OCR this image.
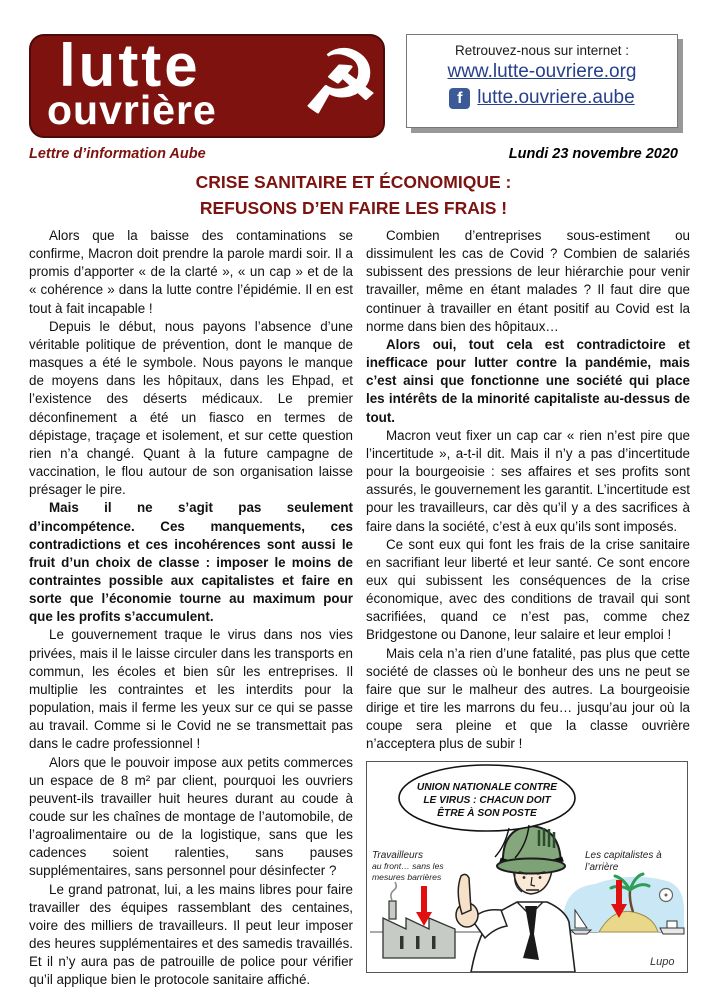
lutte
ouvrière ☭	Retrouvez-nous sur internet :
www.lutte-ouvriere.org
f lutte.ouvriere.aube
Lettre d’information Aube	Lundi 23 novembre 2020
CRISE SANITAIRE ET ÉCONOMIQUE :
REFUSONS D’EN FAIRE LES FRAIS !

Alors que la baisse des contaminations se confirme, Macron doit prendre la parole mardi soir. Il a promis d’apporter « de la clarté », « un cap » et de la « cohérence » dans la lutte contre l’épidémie. Il en est tout à fait incapable !

Depuis le début, nous payons l’absence d’une véritable politique de prévention, dont le manque de masques a été le symbole. Nous payons le manque de moyens dans les hôpitaux, dans les Ehpad, et l’existence des déserts médicaux. Le premier déconfinement a été un fiasco en termes de dépistage, traçage et isolement, et sur cette question rien n’a changé. Quant à la future campagne de vaccination, le flou autour de son organisation laisse présager le pire.

Mais il ne s’agit pas seulement d’incompétence. Ces manquements, ces contradictions et ces incohérences sont aussi le fruit d’un choix de classe : imposer le moins de contraintes possible aux capitalistes et faire en sorte que l’économie tourne au maximum pour que les profits s’accumulent.

Le gouvernement traque le virus dans nos vies privées, mais il le laisse circuler dans les transports en commun, les écoles et bien sûr les entreprises. Il multiplie les contraintes et les interdits pour la population, mais il ferme les yeux sur ce qui se passe au travail. Comme si le Covid ne se transmettait pas dans le cadre professionnel !

Alors que le pouvoir impose aux petits commerces un espace de 8 m² par client, pourquoi les ouvriers peuvent-ils travailler huit heures durant au coude à coude sur les chaînes de montage de l’automobile, de l’agroalimentaire ou de la logistique, sans que les cadences soient ralenties, sans pauses supplémentaires, sans personnel pour désinfecter ?

Le grand patronat, lui, a les mains libres pour faire travailler des équipes rassemblant des centaines, voire des milliers de travailleurs. Il peut leur imposer des heures supplémentaires et des samedis travaillés. Et il n’y aura pas de patrouille de police pour vérifier qu’il applique bien le protocole sanitaire affiché.

Combien d’entreprises sous-estiment ou dissimulent les cas de Covid ? Combien de salariés subissent des pressions de leur hiérarchie pour venir travailler, même en étant malades ? Il faut dire que continuer à travailler en étant positif au Covid est la norme dans bien des hôpitaux…

Alors oui, tout cela est contradictoire et inefficace pour lutter contre la pandémie, mais c’est ainsi que fonctionne une société qui place les intérêts de la minorité capitaliste au-dessus de tout.

Macron veut fixer un cap car « rien n’est pire que l’incertitude », a-t-il dit. Mais il n’y a pas d’incertitude pour la bourgeoisie : ses affaires et ses profits sont assurés, le gouvernement les garantit. L’incertitude est pour les travailleurs, car dès qu’il y a des sacrifices à faire dans la société, c’est à eux qu’ils sont imposés.

Ce sont eux qui font les frais de la crise sanitaire en sacrifiant leur liberté et leur santé. Ce sont encore eux qui subissent les conséquences de la crise économique, avec des conditions de travail qui sont sacrifiées, quand ce n’est pas, comme chez Bridgestone ou Danone, leur salaire et leur emploi !

Mais cela n’a rien d’une fatalité, pas plus que cette société de classes où le bonheur des uns ne peut se faire que sur le malheur des autres. La bourgeoisie dirige et tire les marrons du feu… jusqu’au jour où la coupe sera pleine et que la classe ouvrière n’acceptera plus de subir !

Travailleurs
au front… sans les
mesures barrières
Les capitalistes à
l’arrière
UNION NATIONALE CONTRE
LE VIRUS : CHACUN DOIT
ÊTRE À SON POSTE
Lupo
